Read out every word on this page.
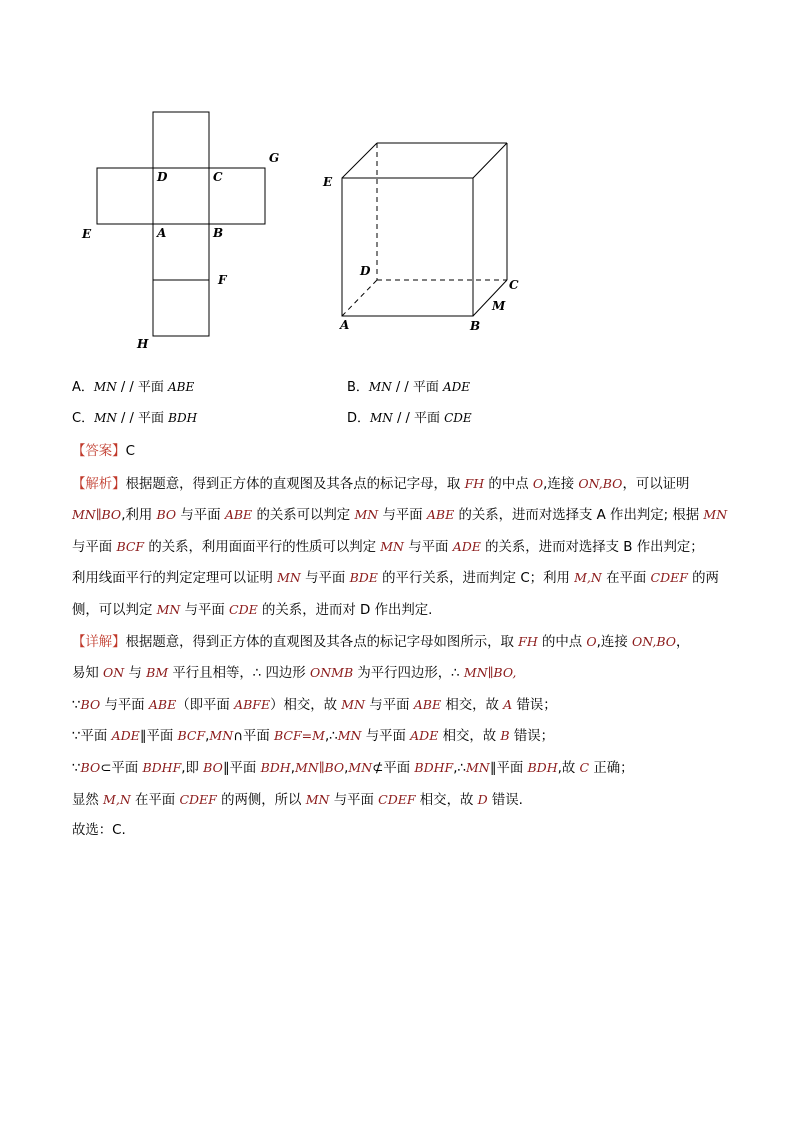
D	C
G
E	A	B
F
H
E
D
C
M
A	B
A．MN / / 平面 ABE	B．MN / / 平面 ADE
C．MN / / 平面 BDH	D．MN / / 平面 CDE
【答案】C
【解析】根据题意，得到正方体的直观图及其各点的标记字母，取 FH 的中点 O,连接 ON,BO，可以证明
MN∥BO,利用 BO 与平面 ABE 的关系可以判定 MN 与平面 ABE 的关系，进而对选择支 A 作出判定; 根据 MN
与平面 BCF 的关系，利用面面平行的性质可以判定 MN 与平面 ADE 的关系，进而对选择支 B 作出判定；
利用线面平行的判定定理可以证明 MN 与平面 BDE 的平行关系，进而判定 C；利用 M,N 在平面 CDEF 的两
侧，可以判定 MN 与平面 CDE 的关系，进而对 D 作出判定.
【详解】根据题意，得到正方体的直观图及其各点的标记字母如图所示，取 FH 的中点 O,连接 ON,BO，
易知 ON 与 BM 平行且相等，∴ 四边形 ONMB 为平行四边形，∴ MN∥BO,
∵BO 与平面 ABE（即平面 ABFE）相交，故 MN 与平面 ABE 相交，故 A 错误；
∵平面 ADE∥平面 BCF,MN∩平面 BCF=M,∴MN 与平面 ADE 相交，故 B 错误；
∵BO⊂平面 BDHF,即 BO∥平面 BDH,MN∥BO,MN⊄平面 BDHF,∴MN∥平面 BDH,故 C 正确；
显然 M,N 在平面 CDEF 的两侧，所以 MN 与平面 CDEF 相交，故 D 错误.
故选：C.
